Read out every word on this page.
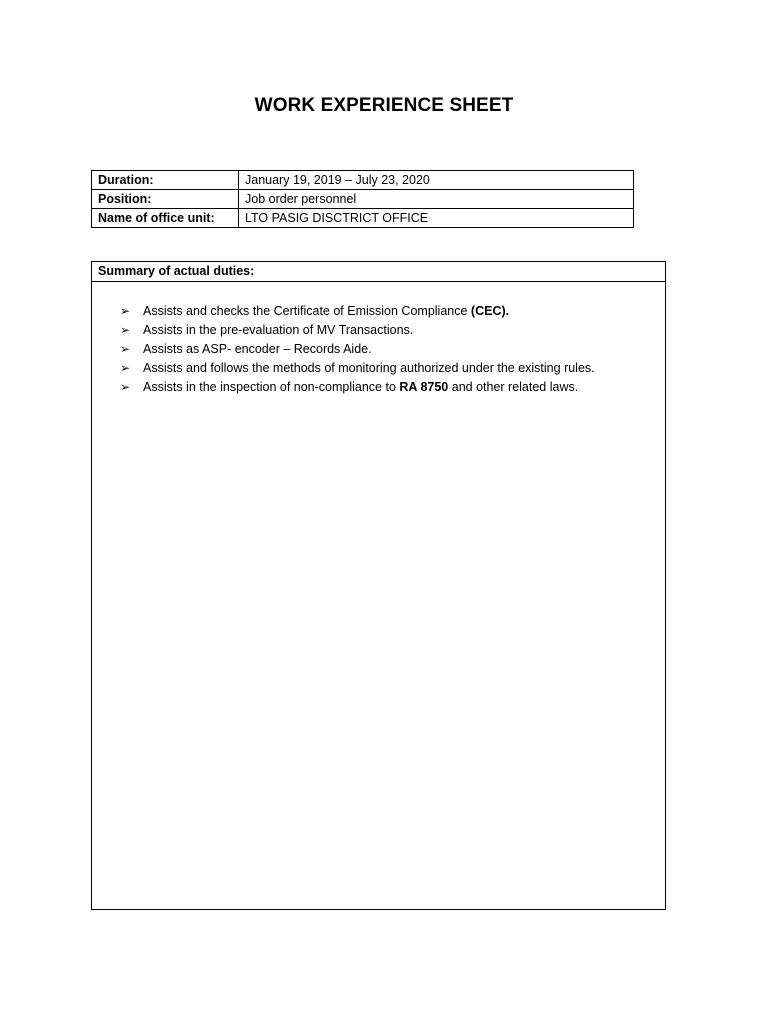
WORK EXPERIENCE SHEET
Duration:	January 19, 2019 – July 23, 2020
Position:	Job order personnel
Name of office unit:	LTO PASIG DISCTRICT OFFICE
Summary of actual duties:
➢ Assists and checks the Certificate of Emission Compliance (CEC).
➢ Assists in the pre-evaluation of MV Transactions.
➢ Assists as ASP- encoder – Records Aide.
➢ Assists and follows the methods of monitoring authorized under the existing rules.
➢ Assists in the inspection of non-compliance to RA 8750 and other related laws.
